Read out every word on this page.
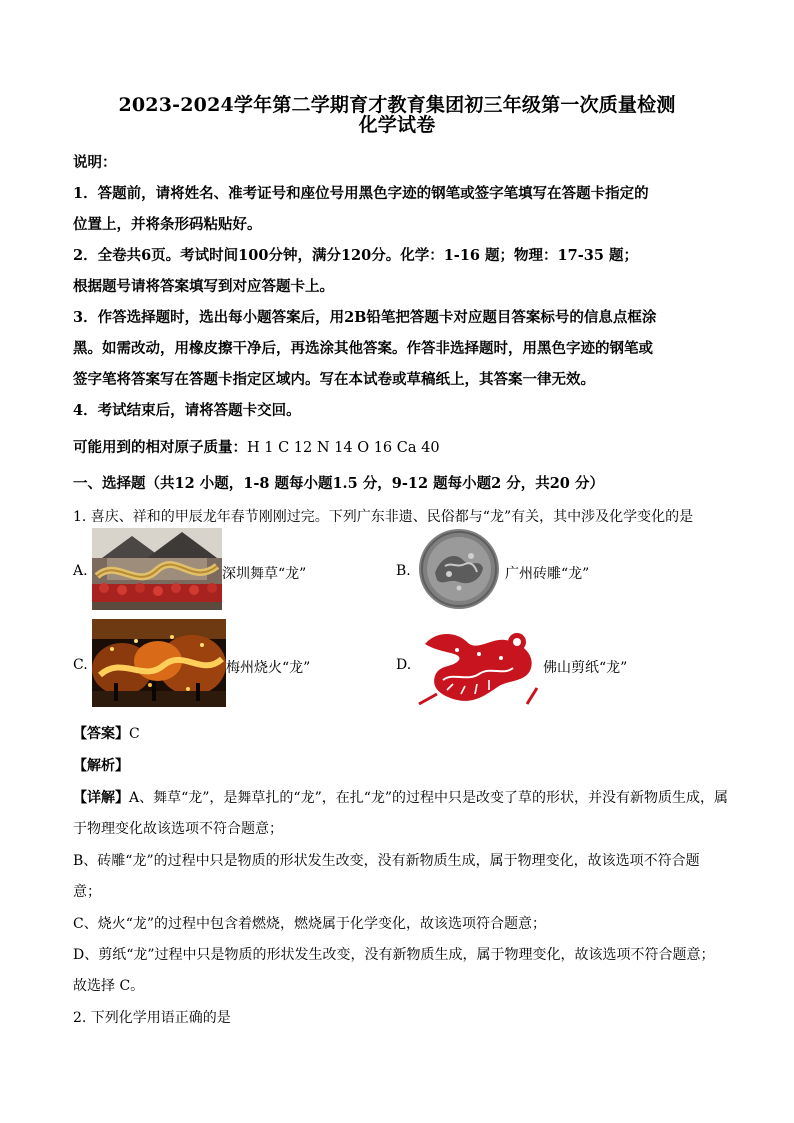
2023-2024学年第二学期育才教育集团初三年级第一次质量检测
化学试卷
说明：
1．答题前，请将姓名、准考证号和座位号用黑色字迹的钢笔或签字笔填写在答题卡指定的
位置上，并将条形码粘贴好。
2．全卷共6页。考试时间100分钟，满分120分。化学：1-16 题；物理：17-35 题；
根据题号请将答案填写到对应答题卡上。
3．作答选择题时，选出每小题答案后，用2B铅笔把答题卡对应题目答案标号的信息点框涂
黑。如需改动，用橡皮擦干净后，再选涂其他答案。作答非选择题时，用黑色字迹的钢笔或
签字笔将答案写在答题卡指定区域内。写在本试卷或草稿纸上，其答案一律无效。
4．考试结束后，请将答题卡交回。
可能用到的相对原子质量：H 1 C 12 N 14 O 16 Ca 40
一、选择题（共12 小题，1-8 题每小题1.5 分，9-12 题每小题2 分，共20 分）
1. 喜庆、祥和的甲辰龙年春节刚刚过完。下列广东非遗、民俗都与“龙”有关，其中涉及化学变化的是
A.	深圳舞草“龙”	B.	广州砖雕“龙”
C.	梅州烧火“龙”	D.	佛山剪纸“龙”
【答案】C
【解析】
【详解】A、舞草“龙”，是舞草扎的“龙”，在扎“龙”的过程中只是改变了草的形状，并没有新物质生成，属
于物理变化故该选项不符合题意；
B、砖雕“龙”的过程中只是物质的形状发生改变，没有新物质生成，属于物理变化，故该选项不符合题
意；
C、烧火“龙”的过程中包含着燃烧，燃烧属于化学变化，故该选项符合题意；
D、剪纸“龙”过程中只是物质的形状发生改变，没有新物质生成，属于物理变化，故该选项不符合题意；
故选择 C。
2. 下列化学用语正确的是
